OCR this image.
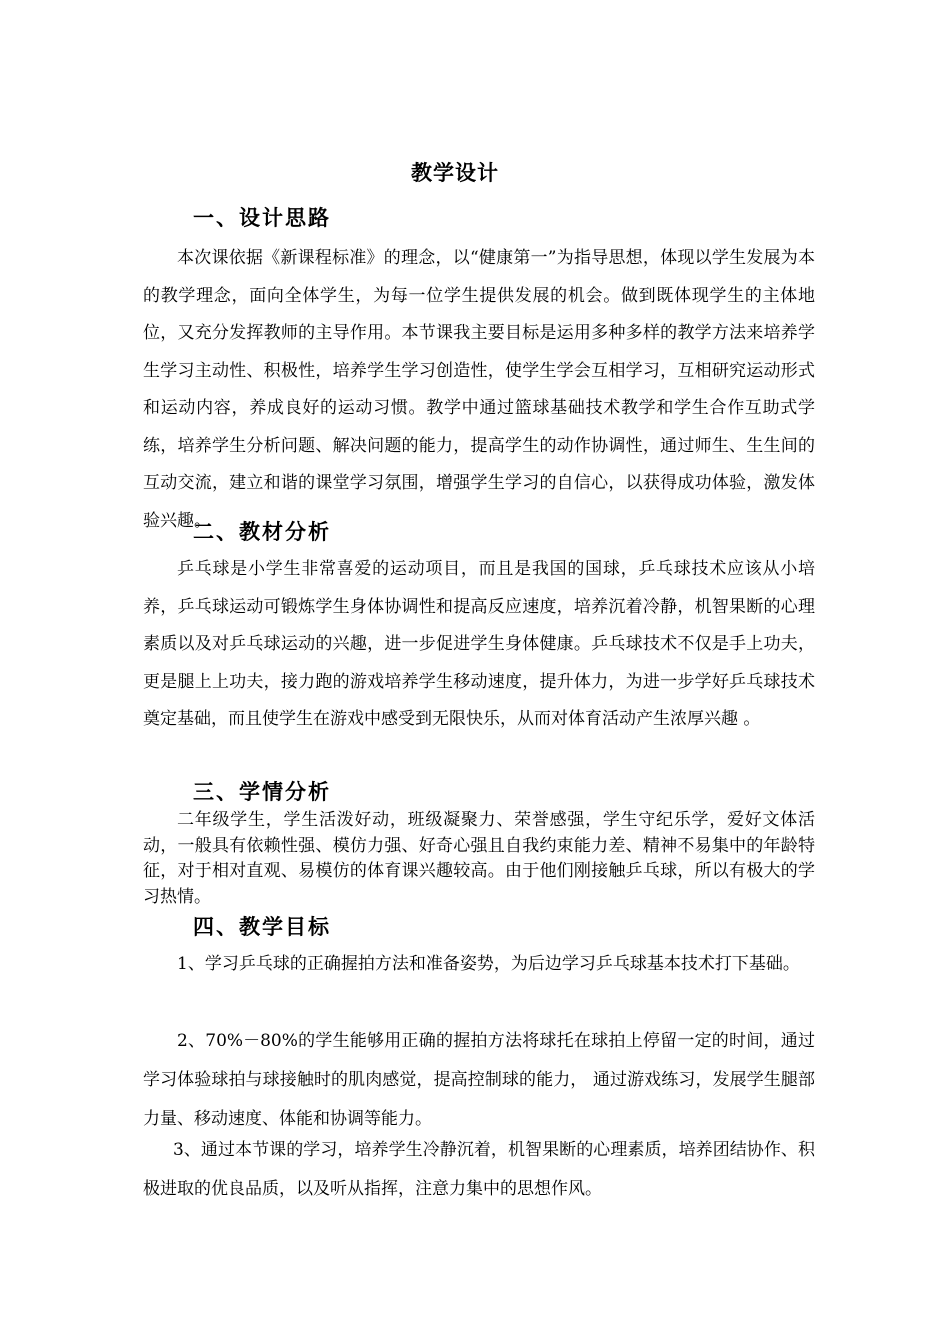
教学设计
一、设计思路
本次课依据《新课程标准》的理念，以“健康第一”为指导思想，体现以学生发展为本的教学理念，面向全体学生，为每一位学生提供发展的机会。做到既体现学生的主体地位，又充分发挥教师的主导作用。本节课我主要目标是运用多种多样的教学方法来培养学生学习主动性、积极性，培养学生学习创造性，使学生学会互相学习，互相研究运动形式和运动内容，养成良好的运动习惯。教学中通过篮球基础技术教学和学生合作互助式学练，培养学生分析问题、解决问题的能力，提高学生的动作协调性，通过师生、生生间的互动交流，建立和谐的课堂学习氛围，增强学生学习的自信心，以获得成功体验，激发体验兴趣。
二、教材分析
乒乓球是小学生非常喜爱的运动项目，而且是我国的国球，乒乓球技术应该从小培养，乒乓球运动可锻炼学生身体协调性和提高反应速度，培养沉着冷静，机智果断的心理素质以及对乒乓球运动的兴趣，进一步促进学生身体健康。乒乓球技术不仅是手上功夫，更是腿上上功夫，接力跑的游戏培养学生移动速度，提升体力，为进一步学好乒乓球技术奠定基础，而且使学生在游戏中感受到无限快乐，从而对体育活动产生浓厚兴趣 。
三、学情分析
二年级学生，学生活泼好动，班级凝聚力、荣誉感强，学生守纪乐学，爱好文体活动，一般具有依赖性强、模仿力强、好奇心强且自我约束能力差、精神不易集中的年龄特征，对于相对直观、易模仿的体育课兴趣较高。由于他们刚接触乒乓球，所以有极大的学习热情。
四、教学目标
1、学习乒乓球的正确握拍方法和准备姿势，为后边学习乒乓球基本技术打下基础。
2、70%－80%的学生能够用正确的握拍方法将球托在球拍上停留一定的时间，通过学习体验球拍与球接触时的肌肉感觉，提高控制球的能力， 通过游戏练习，发展学生腿部力量、移动速度、体能和协调等能力。
3、通过本节课的学习，培养学生冷静沉着，机智果断的心理素质，培养团结协作、积极进取的优良品质，以及听从指挥，注意力集中的思想作风。
